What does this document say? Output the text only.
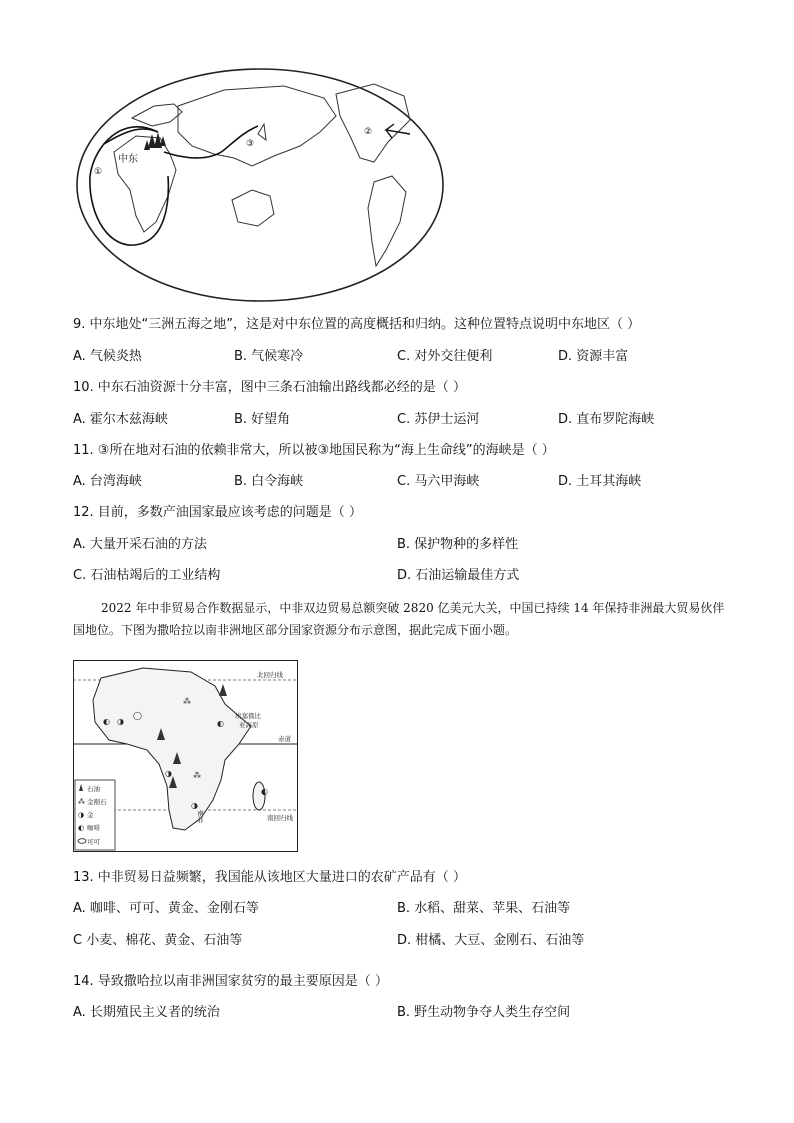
中东
①
②
③
9. 中东地处“三洲五海之地”，这是对中东位置的高度概括和归纳。这种位置特点说明中东地区（ ）
A. 气候炎热	B. 气候寒冷	C. 对外交往便利	D. 资源丰富
10. 中东石油资源十分丰富，图中三条石油输出路线都必经的是（ ）
A. 霍尔木兹海峡	B. 好望角	C. 苏伊士运河	D. 直布罗陀海峡
11. ③所在地对石油的依赖非常大，所以被③地国民称为“海上生命线”的海峡是（ ）
A. 台湾海峡	B. 白令海峡	C. 马六甲海峡	D. 土耳其海峡
12. 目前，多数产油国家最应该考虑的问题是（ ）
A. 大量开采石油的方法	B. 保护物种的多样性
C. 石油枯竭后的工业结构	D. 石油运输最佳方式
2022 年中非贸易合作数据显示，中非双边贸易总额突破 2820 亿美元大关，中国已持续 14 年保持非洲最大贸易伙伴国地位。下图为撒哈拉以南非洲地区部分国家资源分布示意图，据此完成下面小题。
北回归线
赤道
南回归线
◐ ◑
◯
⁂
◐
◑	⁂
◑
◐
埃塞俄比
亚高原
南非
石油
⁂ 金刚石
◑ 金
◐ 咖啡
可可
13. 中非贸易日益频繁，我国能从该地区大量进口的农矿产品有（ ）
A. 咖啡、可可、黄金、金刚石等	B. 水稻、甜菜、苹果、石油等
C 小麦、棉花、黄金、石油等	D. 柑橘、大豆、金刚石、石油等
14. 导致撒哈拉以南非洲国家贫穷的最主要原因是（ ）
A. 长期殖民主义者的统治	B. 野生动物争夺人类生存空间
